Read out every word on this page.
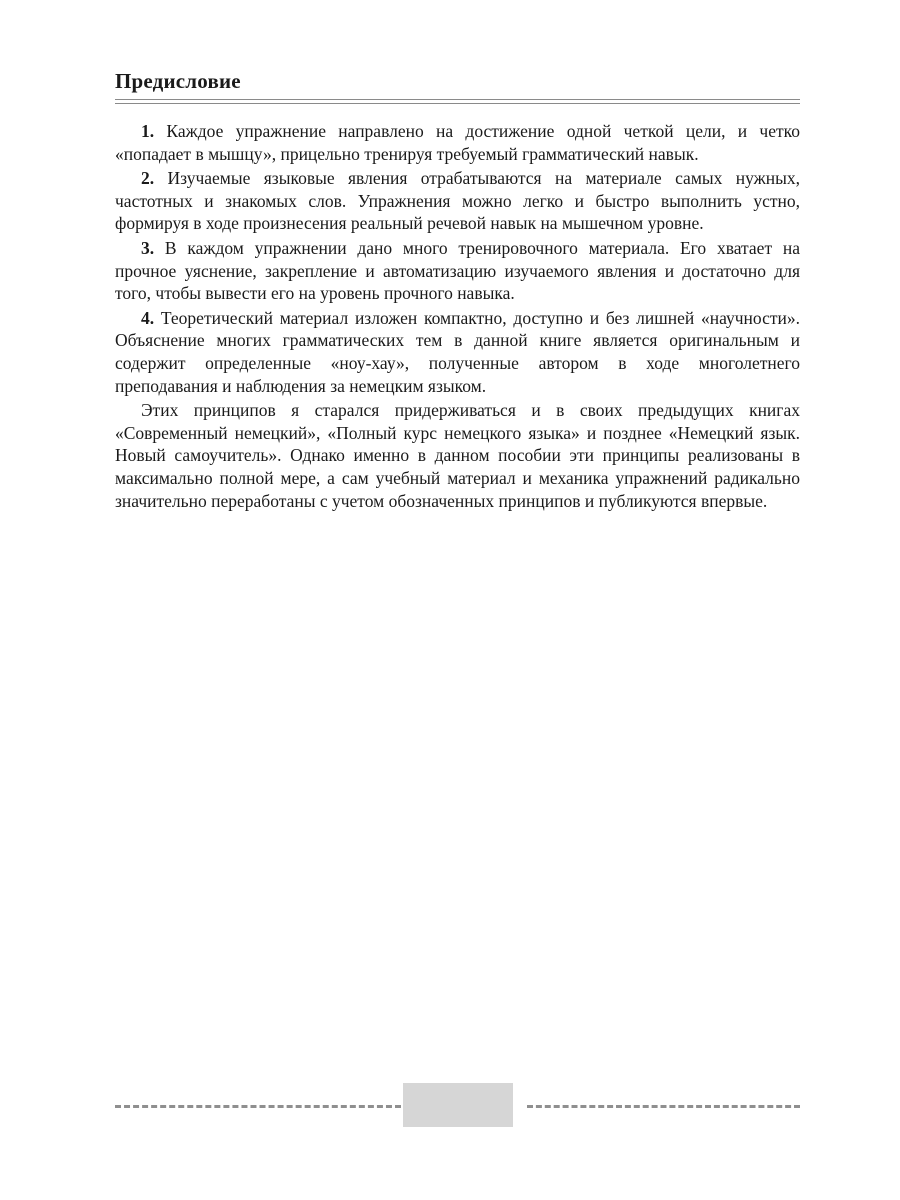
Предисловие

1. Каждое упражнение направлено на достижение одной четкой цели, и четко «попадает в мышцу», прицельно тренируя требуемый грамматический навык.

2. Изучаемые языковые явления отрабатываются на материале самых нужных, частотных и знакомых слов. Упражнения можно легко и быстро выполнить устно, формируя в ходе произнесения реальный речевой навык на мышечном уровне.

3. В каждом упражнении дано много тренировочного материала. Его хватает на прочное уяснение, закрепление и автоматизацию изучаемого явления и достаточно для того, чтобы вывести его на уровень прочного навыка.

4. Теоретический материал изложен компактно, доступно и без лишней «научности». Объяснение многих грамматических тем в данной книге является оригинальным и содержит определенные «ноу-хау», полученные автором в ходе многолетнего преподавания и наблюдения за немецким языком.

Этих принципов я старался придерживаться и в своих предыдущих книгах «Современный немецкий», «Полный курс немецкого языка» и позднее «Немецкий язык. Новый самоучитель». Однако именно в данном пособии эти принципы реализованы в максимально полной мере, а сам учебный материал и механика упражнений радикально значительно переработаны с учетом обозначенных принципов и публикуются впервые.
